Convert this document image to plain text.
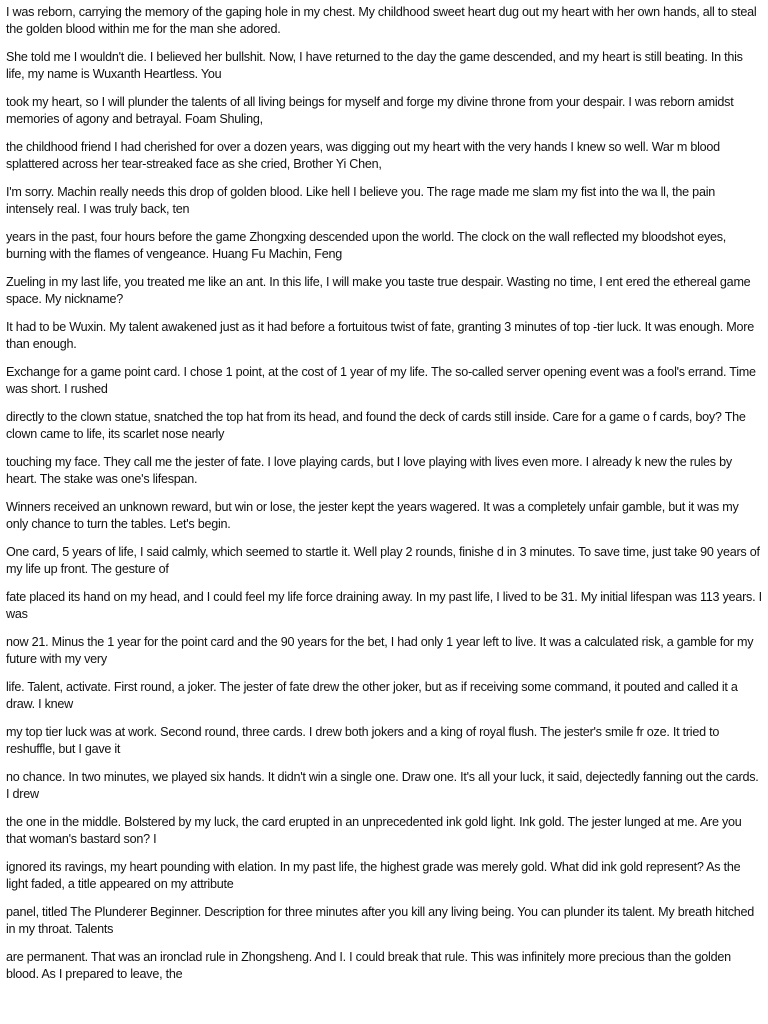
I was reborn, carrying the memory of the gaping hole in my chest. My childhood sweet heart dug out my heart with her own hands, all to steal the golden blood within me for the man she adored.

She told me I wouldn't die. I believed her bullshit. Now, I have returned to the day the game descended, and my heart is still beating. In this life, my name is Wuxanth Heartless. You

took my heart, so I will plunder the talents of all living beings for myself and forge my divine throne from your despair. I was reborn amidst memories of agony and betrayal. Foam Shuling,

the childhood friend I had cherished for over a dozen years, was digging out my heart with the very hands I knew so well. War m blood splattered across her tear-streaked face as she cried, Brother Yi Chen,

I'm sorry. Machin really needs this drop of golden blood. Like hell I believe you. The rage made me slam my fist into the wa ll, the pain intensely real. I was truly back, ten

years in the past, four hours before the game Zhongxing descended upon the world. The clock on the wall reflected my bloodshot eyes, burning with the flames of vengeance. Huang Fu Machin, Feng

Zueling in my last life, you treated me like an ant. In this life, I will make you taste true despair. Wasting no time, I ent ered the ethereal game space. My nickname?

It had to be Wuxin. My talent awakened just as it had before a fortuitous twist of fate, granting 3 minutes of top -tier luck. It was enough. More than enough.

Exchange for a game point card. I chose 1 point, at the cost of 1 year of my life. The so-called server opening event was a fool's errand. Time was short. I rushed

directly to the clown statue, snatched the top hat from its head, and found the deck of cards still inside. Care for a game o f cards, boy? The clown came to life, its scarlet nose nearly

touching my face. They call me the jester of fate. I love playing cards, but I love playing with lives even more. I already k new the rules by heart. The stake was one's lifespan.

Winners received an unknown reward, but win or lose, the jester kept the years wagered. It was a completely unfair gamble, but it was my only chance to turn the tables. Let's begin.

One card, 5 years of life, I said calmly, which seemed to startle it. Well play 2 rounds, finishe d in 3 minutes. To save time, just take 90 years of my life up front. The gesture of

fate placed its hand on my head, and I could feel my life force draining away. In my past life, I lived to be 31. My initial lifespan was 113 years. I was

now 21. Minus the 1 year for the point card and the 90 years for the bet, I had only 1 year left to live. It was a calculated risk, a gamble for my future with my very

life. Talent, activate. First round, a joker. The jester of fate drew the other joker, but as if receiving some command, it pouted and called it a draw. I knew

my top tier luck was at work. Second round, three cards. I drew both jokers and a king of royal flush. The jester's smile fr oze. It tried to reshuffle, but I gave it

no chance. In two minutes, we played six hands. It didn't win a single one. Draw one. It's all your luck, it said, dejectedly fanning out the cards. I drew

the one in the middle. Bolstered by my luck, the card erupted in an unprecedented ink gold light. Ink gold. The jester lunged at me. Are you that woman's bastard son? I

ignored its ravings, my heart pounding with elation. In my past life, the highest grade was merely gold. What did ink gold represent? As the light faded, a title appeared on my attribute

panel, titled The Plunderer Beginner. Description for three minutes after you kill any living being. You can plunder its talent. My breath hitched in my throat. Talents

are permanent. That was an ironclad rule in Zhongsheng. And I. I could break that rule. This was infinitely more precious than the golden blood. As I prepared to leave, the
